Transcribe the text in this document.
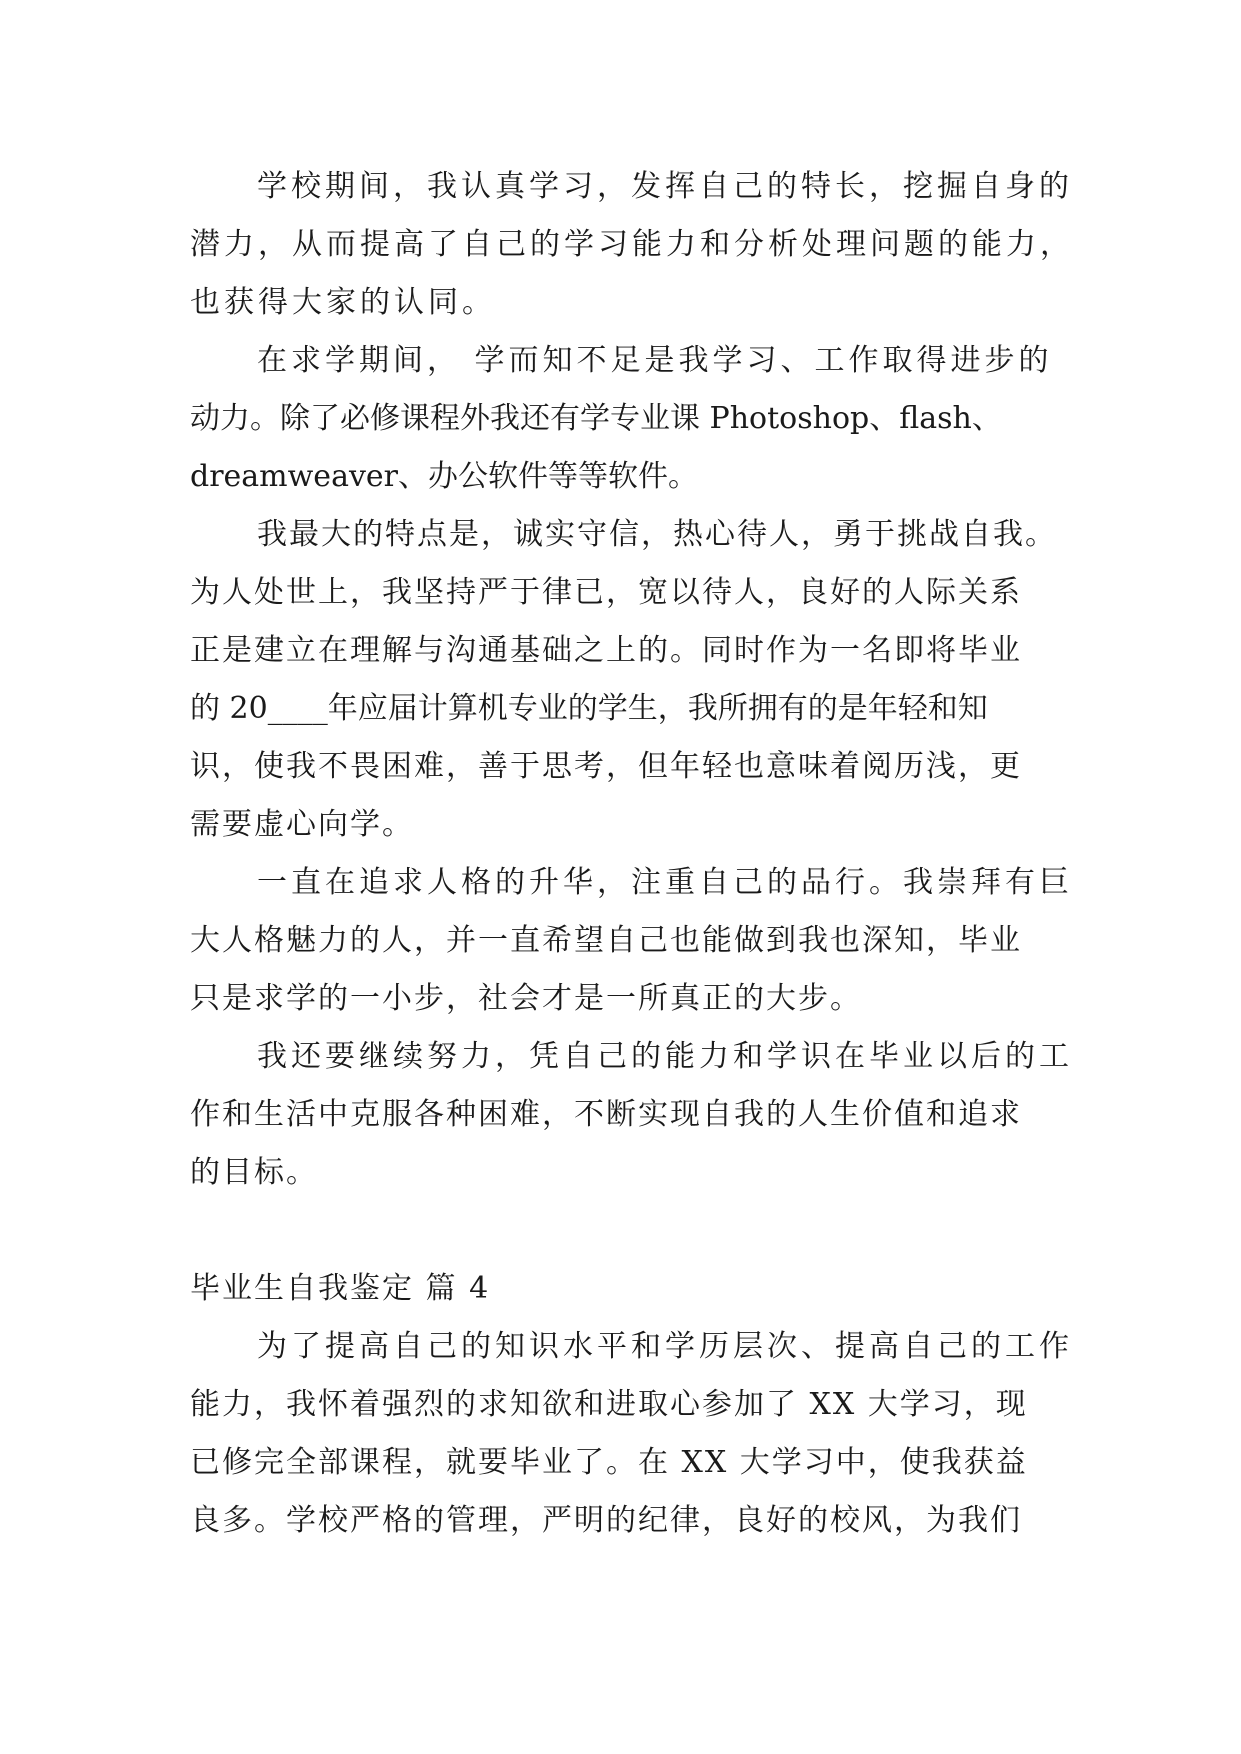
学校期间，我认真学习，发挥自己的特长，挖掘自身的
潜力，从而提高了自己的学习能力和分析处理问题的能力，
也获得大家的认同。
在求学期间， 学而知不足是我学习、工作取得进步的
动力。除了必修课程外我还有学专业课 Photoshop、flash、
dreamweaver、办公软件等等软件。
我最大的特点是，诚实守信，热心待人，勇于挑战自我。
为人处世上，我坚持严于律已，宽以待人，良好的人际关系
正是建立在理解与沟通基础之上的。同时作为一名即将毕业
的 20____年应届计算机专业的学生，我所拥有的是年轻和知
识，使我不畏困难，善于思考，但年轻也意味着阅历浅，更
需要虚心向学。
一直在追求人格的升华，注重自己的品行。我崇拜有巨
大人格魅力的人，并一直希望自己也能做到我也深知，毕业
只是求学的一小步，社会才是一所真正的大步。
我还要继续努力，凭自己的能力和学识在毕业以后的工
作和生活中克服各种困难，不断实现自我的人生价值和追求
的目标。
毕业生自我鉴定 篇 4
为了提高自己的知识水平和学历层次、提高自己的工作
能力，我怀着强烈的求知欲和进取心参加了 XX 大学习，现
已修完全部课程，就要毕业了。在 XX 大学习中，使我获益
良多。学校严格的管理，严明的纪律，良好的校风，为我们
